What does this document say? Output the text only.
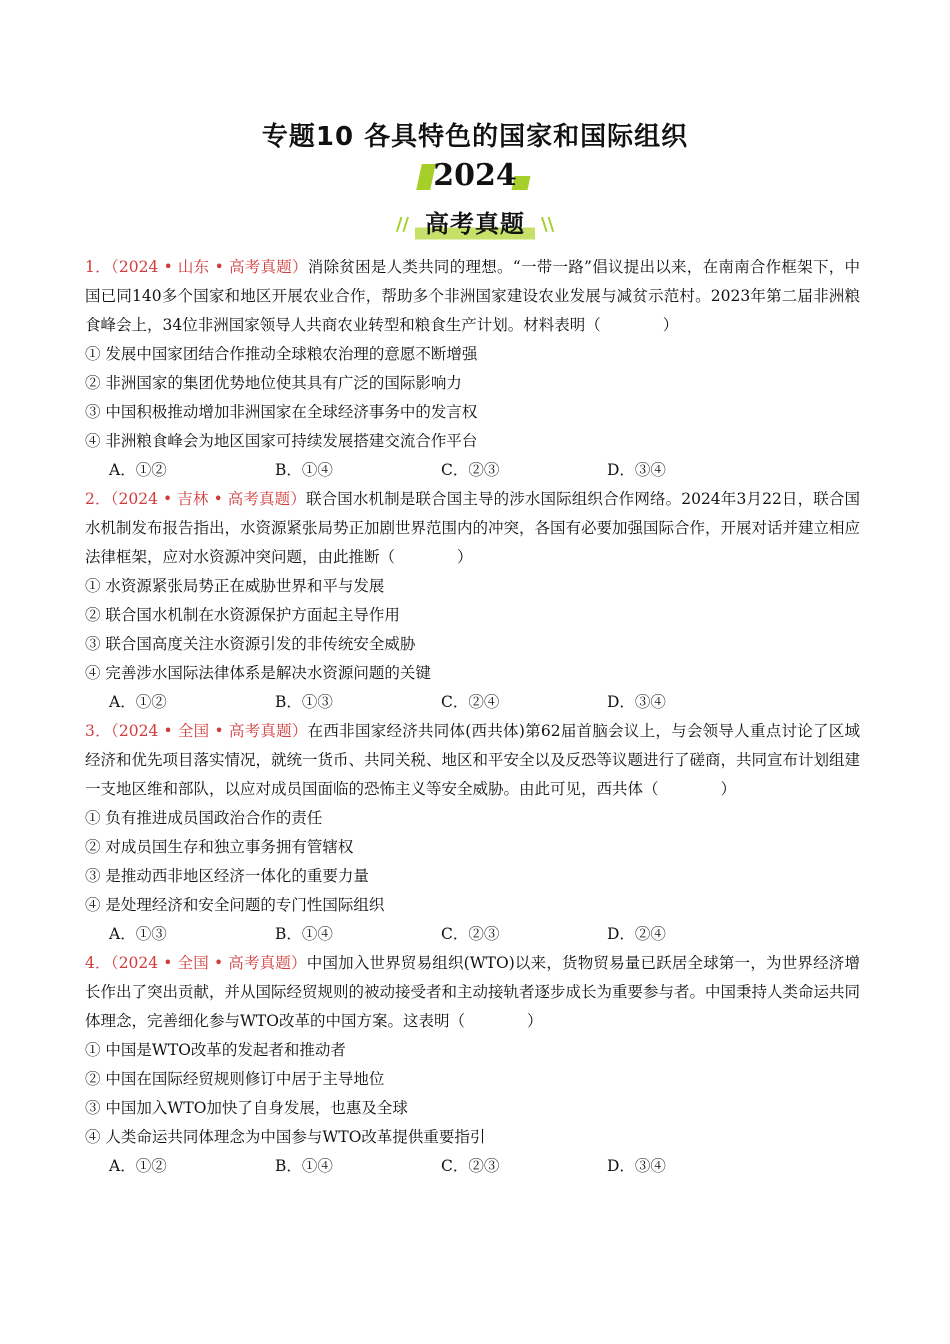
专题10 各具特色的国家和国际组织
2024
// 高考真题 \\
1．（2024 • 山东 • 高考真题）消除贫困是人类共同的理想。“一带一路”倡议提出以来，在南南合作框架下，中国已同140多个国家和地区开展农业合作，帮助多个非洲国家建设农业发展与减贫示范村。2023年第二届非洲粮食峰会上，34位非洲国家领导人共商农业转型和粮食生产计划。材料表明（　　　　）
① 发展中国家团结合作推动全球粮农治理的意愿不断增强
② 非洲国家的集团优势地位使其具有广泛的国际影响力
③ 中国积极推动增加非洲国家在全球经济事务中的发言权
④ 非洲粮食峰会为地区国家可持续发展搭建交流合作平台
A．①②	B．①④	C．②③	D．③④
2．（2024 • 吉林 • 高考真题）联合国水机制是联合国主导的涉水国际组织合作网络。2024年3月22日，联合国水机制发布报告指出，水资源紧张局势正加剧世界范围内的冲突，各国有必要加强国际合作，开展对话并建立相应法律框架，应对水资源冲突问题，由此推断（　　　　）
① 水资源紧张局势正在威胁世界和平与发展
② 联合国水机制在水资源保护方面起主导作用
③ 联合国高度关注水资源引发的非传统安全威胁
④ 完善涉水国际法律体系是解决水资源问题的关键
A．①②	B．①③	C．②④	D．③④
3．（2024 • 全国 • 高考真题）在西非国家经济共同体(西共体)第62届首脑会议上，与会领导人重点讨论了区域经济和优先项目落实情况，就统一货币、共同关税、地区和平安全以及反恐等议题进行了磋商，共同宣布计划组建一支地区维和部队，以应对成员国面临的恐怖主义等安全威胁。由此可见，西共体（　　　　）
① 负有推进成员国政治合作的责任
② 对成员国生存和独立事务拥有管辖权
③ 是推动西非地区经济一体化的重要力量
④ 是处理经济和安全问题的专门性国际组织
A．①③	B．①④	C．②③	D．②④
4．（2024 • 全国 • 高考真题）中国加入世界贸易组织(WTO)以来，货物贸易量已跃居全球第一，为世界经济增长作出了突出贡献，并从国际经贸规则的被动接受者和主动接轨者逐步成长为重要参与者。中国秉持人类命运共同体理念，完善细化参与WTO改革的中国方案。这表明（　　　　）
① 中国是WTO改革的发起者和推动者
② 中国在国际经贸规则修订中居于主导地位
③ 中国加入WTO加快了自身发展，也惠及全球
④ 人类命运共同体理念为中国参与WTO改革提供重要指引
A．①②	B．①④	C．②③	D．③④
